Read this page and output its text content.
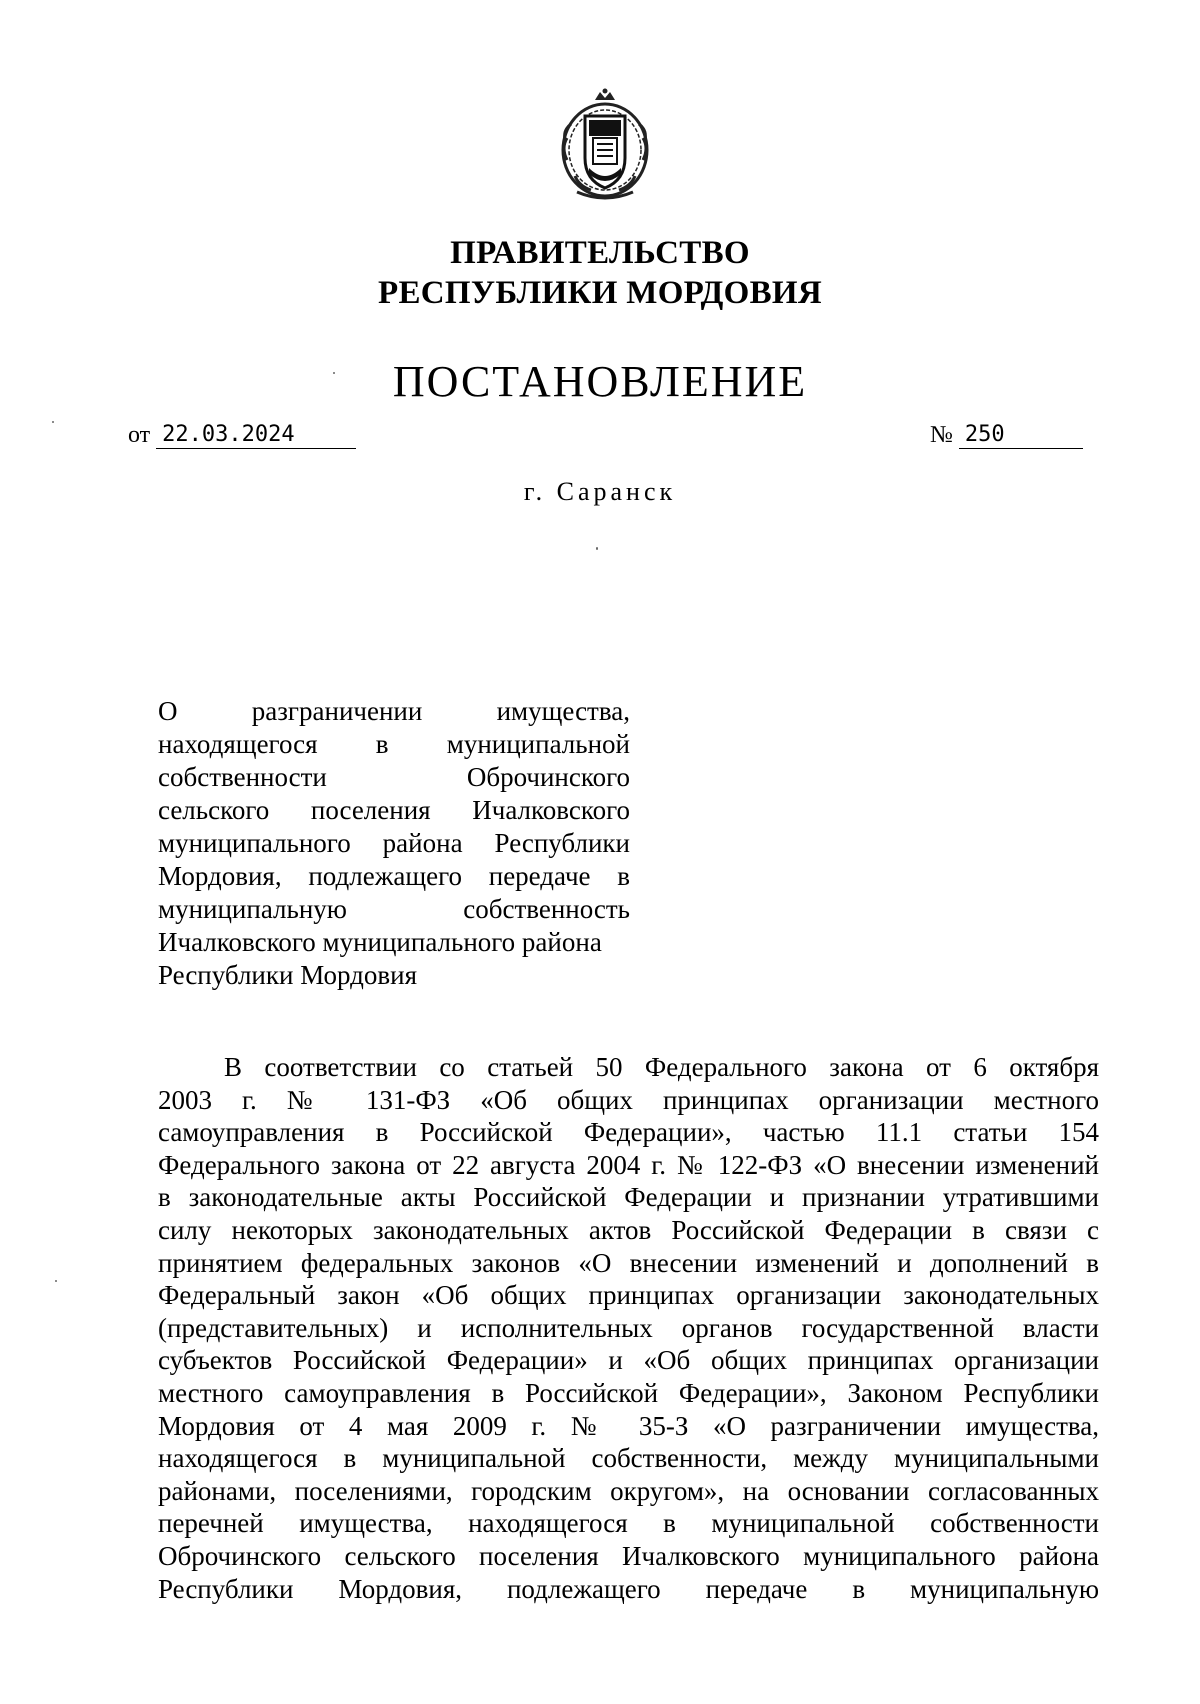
ПРАВИТЕЛЬСТВО
РЕСПУБЛИКИ МОРДОВИЯ
ПОСТАНОВЛЕНИЕ
от 22.03.2024	№ 250
г. Саранск
О разграничении имущества,
находящегося в муниципальной
собственности Оброчинского
сельского поселения Ичалковского
муниципального района Республики
Мордовия, подлежащего передаче в
муниципальную собственность
Ичалковского муниципального района
Республики Мордовия
В соответствии со статьей 50 Федерального закона от 6 октября
2003 г. № 131-ФЗ «Об общих принципах организации местного
самоуправления в Российской Федерации», частью 11.1 статьи 154
Федерального закона от 22 августа 2004 г. № 122-ФЗ «О внесении изменений
в законодательные акты Российской Федерации и признании утратившими
силу некоторых законодательных актов Российской Федерации в связи с
принятием федеральных законов «О внесении изменений и дополнений в
Федеральный закон «Об общих принципах организации законодательных
(представительных) и исполнительных органов государственной власти
субъектов Российской Федерации» и «Об общих принципах организации
местного самоуправления в Российской Федерации», Законом Республики
Мордовия от 4 мая 2009 г. № 35-З «О разграничении имущества,
находящегося в муниципальной собственности, между муниципальными
районами, поселениями, городским округом», на основании согласованных
перечней имущества, находящегося в муниципальной собственности
Оброчинского сельского поселения Ичалковского муниципального района
Республики Мордовия, подлежащего передаче в муниципальную
